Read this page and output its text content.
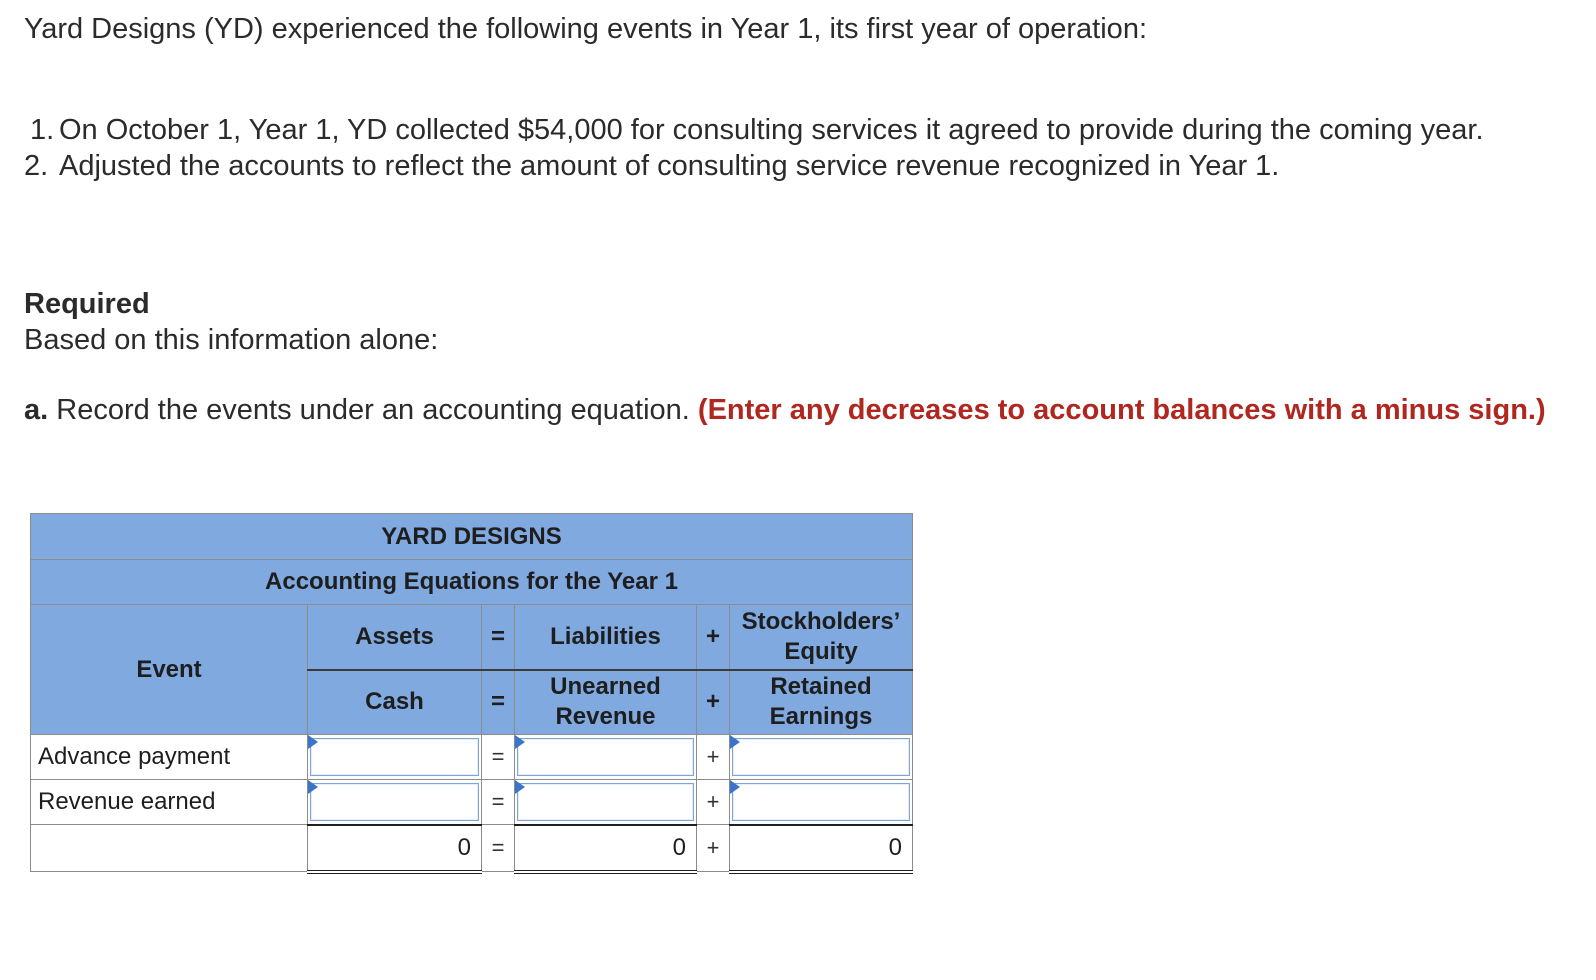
Yard Designs (YD) experienced the following events in Year 1, its first year of operation:
1. On October 1, Year 1, YD collected $54,000 for consulting services it agreed to provide during the coming year.
2. Adjusted the accounts to reflect the amount of consulting service revenue recognized in Year 1.
Required
Based on this information alone:
a. Record the events under an accounting equation. (Enter any decreases to account balances with a minus sign.)
YARD DESIGNS					
Accounting Equations for the Year 1					
Event	Assets	=	Liabilities	+	Stockholders’ Equity
	Cash	=	Unearned Revenue	+	Retained Earnings
Advance payment		=		+	

Revenue earned		=		+	

	0	=	0	+	0
